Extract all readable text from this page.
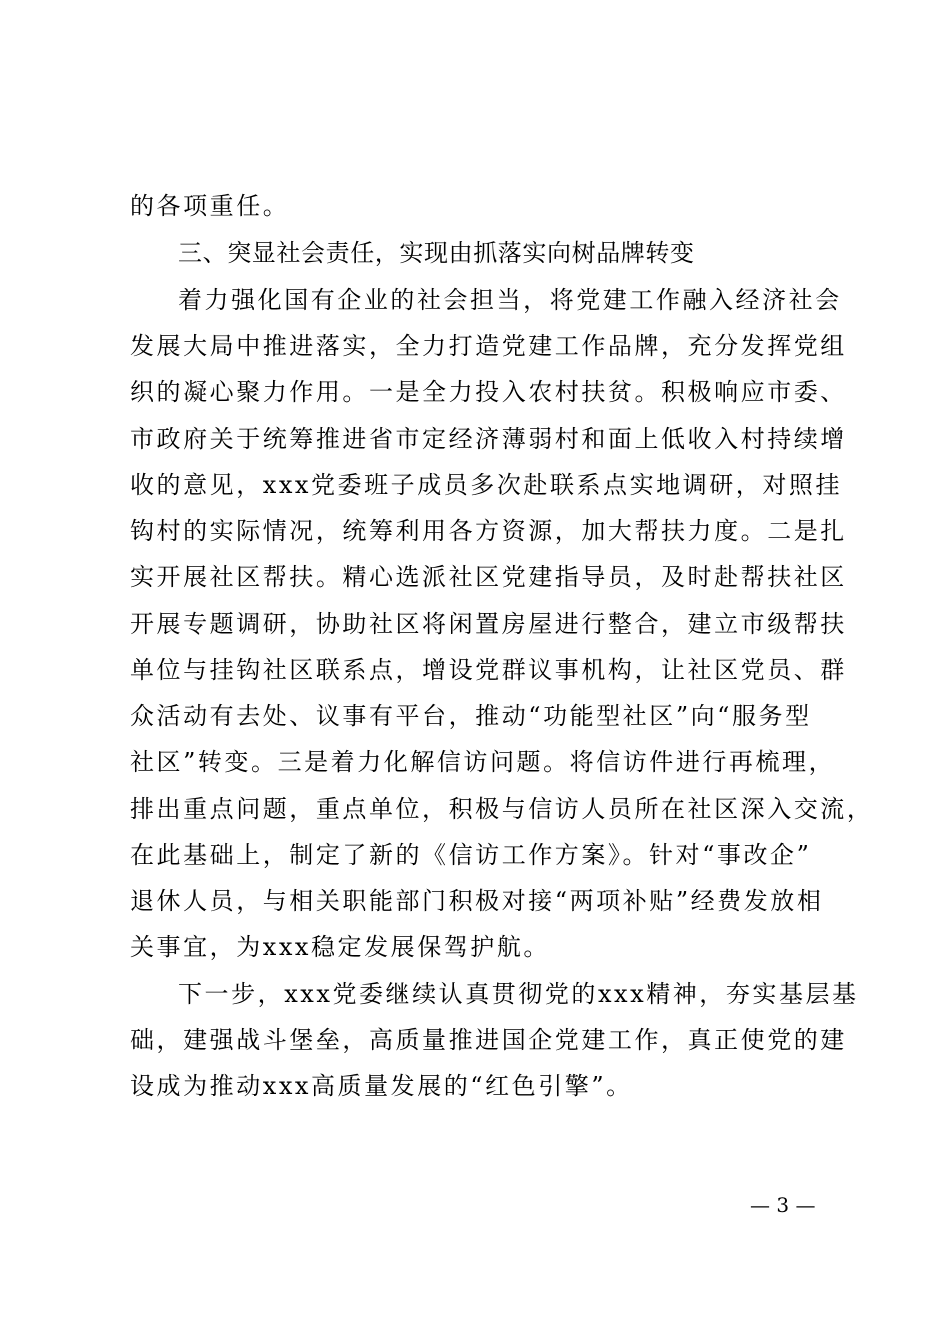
的各项重任。
三、突显社会责任，实现由抓落实向树品牌转变
着力强化国有企业的社会担当，将党建工作融入经济社会
发展大局中推进落实，全力打造党建工作品牌，充分发挥党组
织的凝心聚力作用。一是全力投入农村扶贫。积极响应市委、
市政府关于统筹推进省市定经济薄弱村和面上低收入村持续增
收的意见，xxx党委班子成员多次赴联系点实地调研，对照挂
钩村的实际情况，统筹利用各方资源，加大帮扶力度。二是扎
实开展社区帮扶。精心选派社区党建指导员，及时赴帮扶社区
开展专题调研，协助社区将闲置房屋进行整合，建立市级帮扶
单位与挂钩社区联系点，增设党群议事机构，让社区党员、群
众活动有去处、议事有平台，推动“功能型社区”向“服务型
社区”转变。三是着力化解信访问题。将信访件进行再梳理，
排出重点问题，重点单位，积极与信访人员所在社区深入交流，
在此基础上，制定了新的《信访工作方案》。针对“事改企”
退休人员，与相关职能部门积极对接“两项补贴”经费发放相
关事宜，为xxx稳定发展保驾护航。
下一步，xxx党委继续认真贯彻党的xxx精神，夯实基层基
础，建强战斗堡垒，高质量推进国企党建工作，真正使党的建
设成为推动xxx高质量发展的“红色引擎”。
— 3 —
